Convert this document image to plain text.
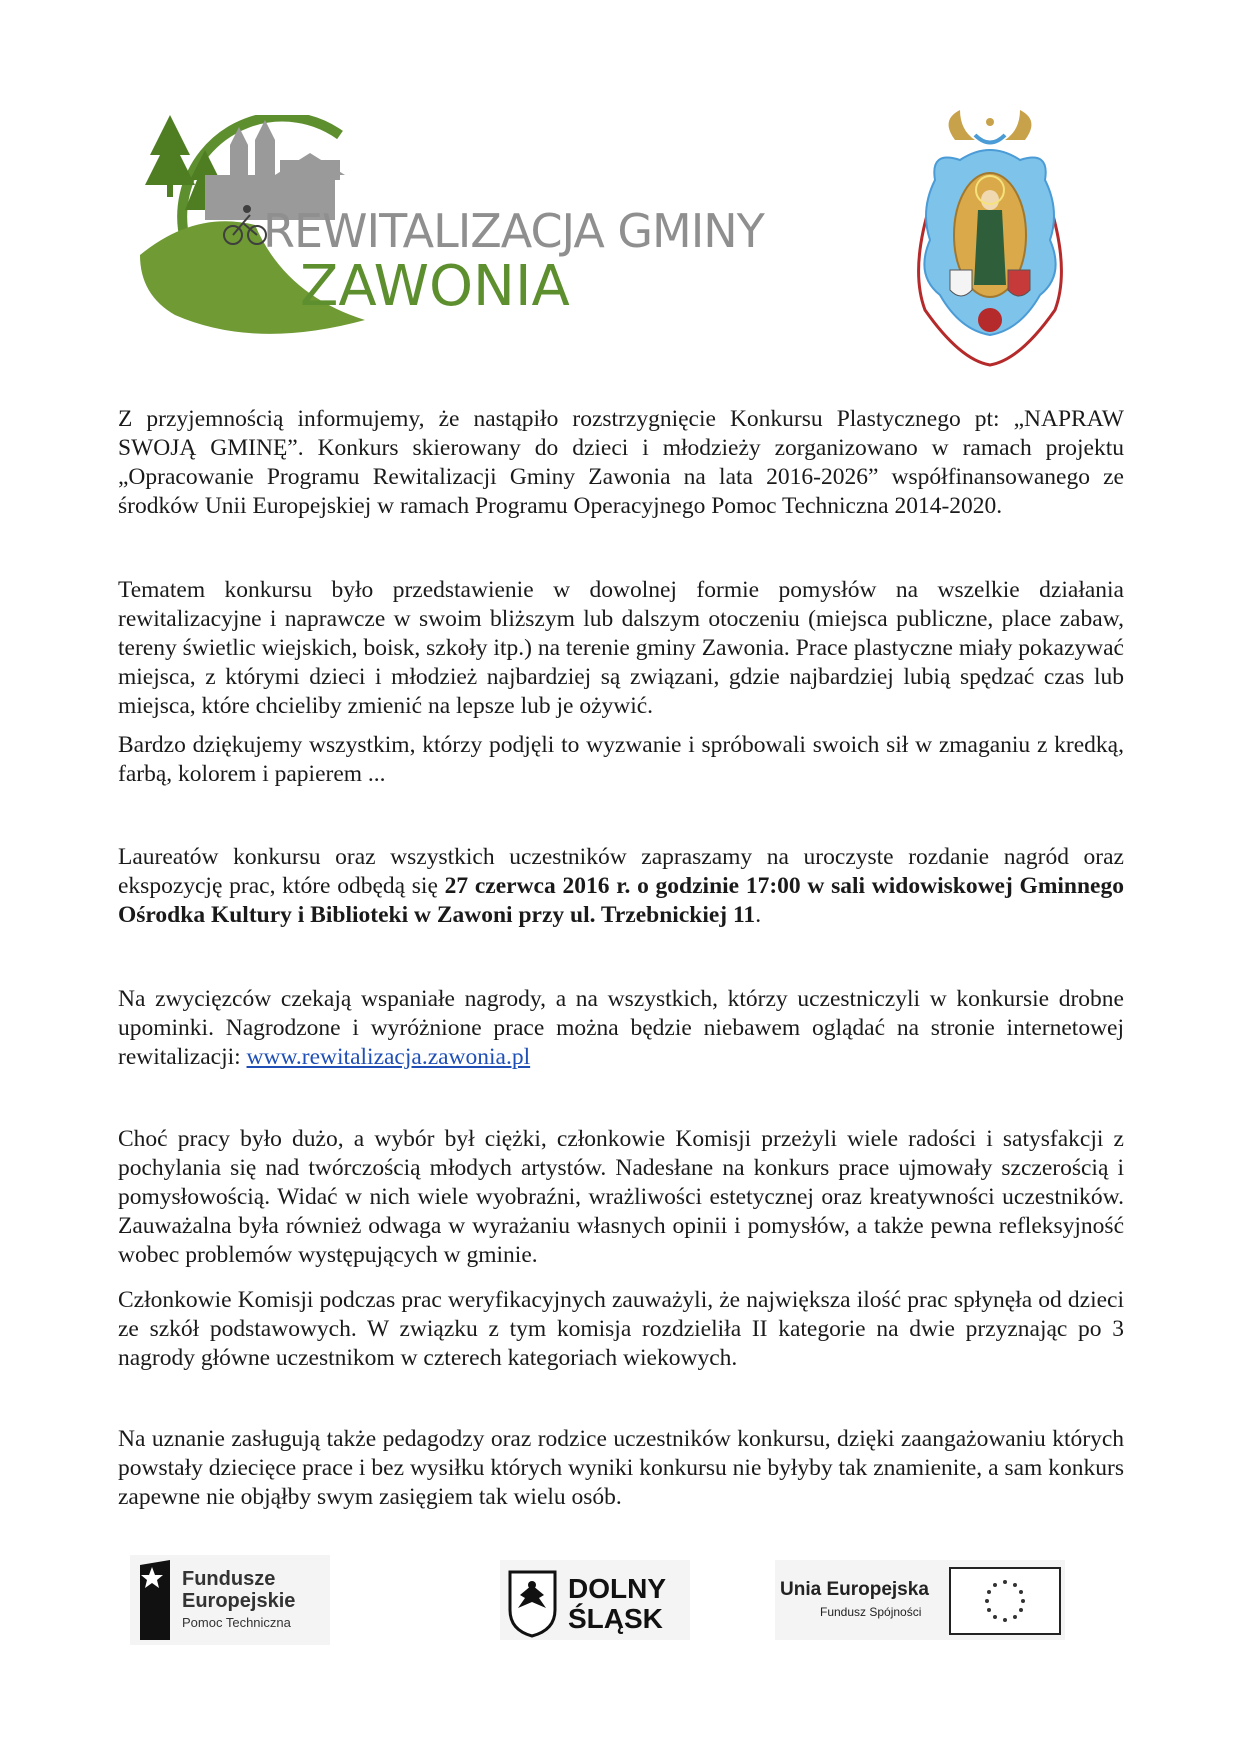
REWITALIZACJA GMINY
ZAWONIA

Z przyjemnością informujemy, że nastąpiło rozstrzygnięcie Konkursu Plastycznego pt: „NAPRAW SWOJĄ GMINĘ”. Konkurs skierowany do dzieci i młodzieży zorganizowano w ramach projektu „Opracowanie Programu Rewitalizacji Gminy Zawonia na lata 2016-2026” współfinansowanego ze środków Unii Europejskiej w ramach Programu Operacyjnego Pomoc Techniczna 2014-2020.

Tematem konkursu było przedstawienie w dowolnej formie pomysłów na wszelkie działania rewitalizacyjne i naprawcze w swoim bliższym lub dalszym otoczeniu (miejsca publiczne, place zabaw, tereny świetlic wiejskich, boisk, szkoły itp.) na terenie gminy Zawonia. Prace plastyczne miały pokazywać miejsca, z którymi dzieci i młodzież najbardziej są związani, gdzie najbardziej lubią spędzać czas lub miejsca, które chcieliby zmienić na lepsze lub je ożywić.

Bardzo dziękujemy wszystkim, którzy podjęli to wyzwanie i spróbowali swoich sił w zmaganiu z kredką, farbą, kolorem i papierem ...

Laureatów konkursu oraz wszystkich uczestników zapraszamy na uroczyste rozdanie nagród oraz ekspozycję prac, które odbędą się 27 czerwca 2016 r. o godzinie 17:00 w sali widowiskowej Gminnego Ośrodka Kultury i Biblioteki w Zawoni przy ul. Trzebnickiej 11.

Na zwycięzców czekają wspaniałe nagrody, a na wszystkich, którzy uczestniczyli w konkursie drobne upominki. Nagrodzone i wyróżnione prace można będzie niebawem oglądać na stronie internetowej rewitalizacji: www.rewitalizacja.zawonia.pl

Choć pracy było dużo, a wybór był ciężki, członkowie Komisji przeżyli wiele radości i satysfakcji z pochylania się nad twórczością młodych artystów. Nadesłane na konkurs prace ujmowały szczerością i pomysłowością. Widać w nich wiele wyobraźni, wrażliwości estetycznej oraz kreatywności uczestników. Zauważalna była również odwaga w wyrażaniu własnych opinii i pomysłów, a także pewna refleksyjność wobec problemów występujących w gminie.

Członkowie Komisji podczas prac weryfikacyjnych zauważyli, że największa ilość prac spłynęła od dzieci ze szkół podstawowych. W związku z tym komisja rozdzieliła II kategorie na dwie przyznając po 3 nagrody główne uczestnikom w czterech kategoriach wiekowych.

Na uznanie zasługują także pedagodzy oraz rodzice uczestników konkursu, dzięki zaangażowaniu których powstały dziecięce prace i bez wysiłku których wyniki konkursu nie byłyby tak znamienite, a sam konkurs zapewne nie objąłby swym zasięgiem tak wielu osób.

Fundusze
Europejskie
Pomoc Techniczna
DOLNY
ŚLĄSK
Unia Europejska
Fundusz Spójności
